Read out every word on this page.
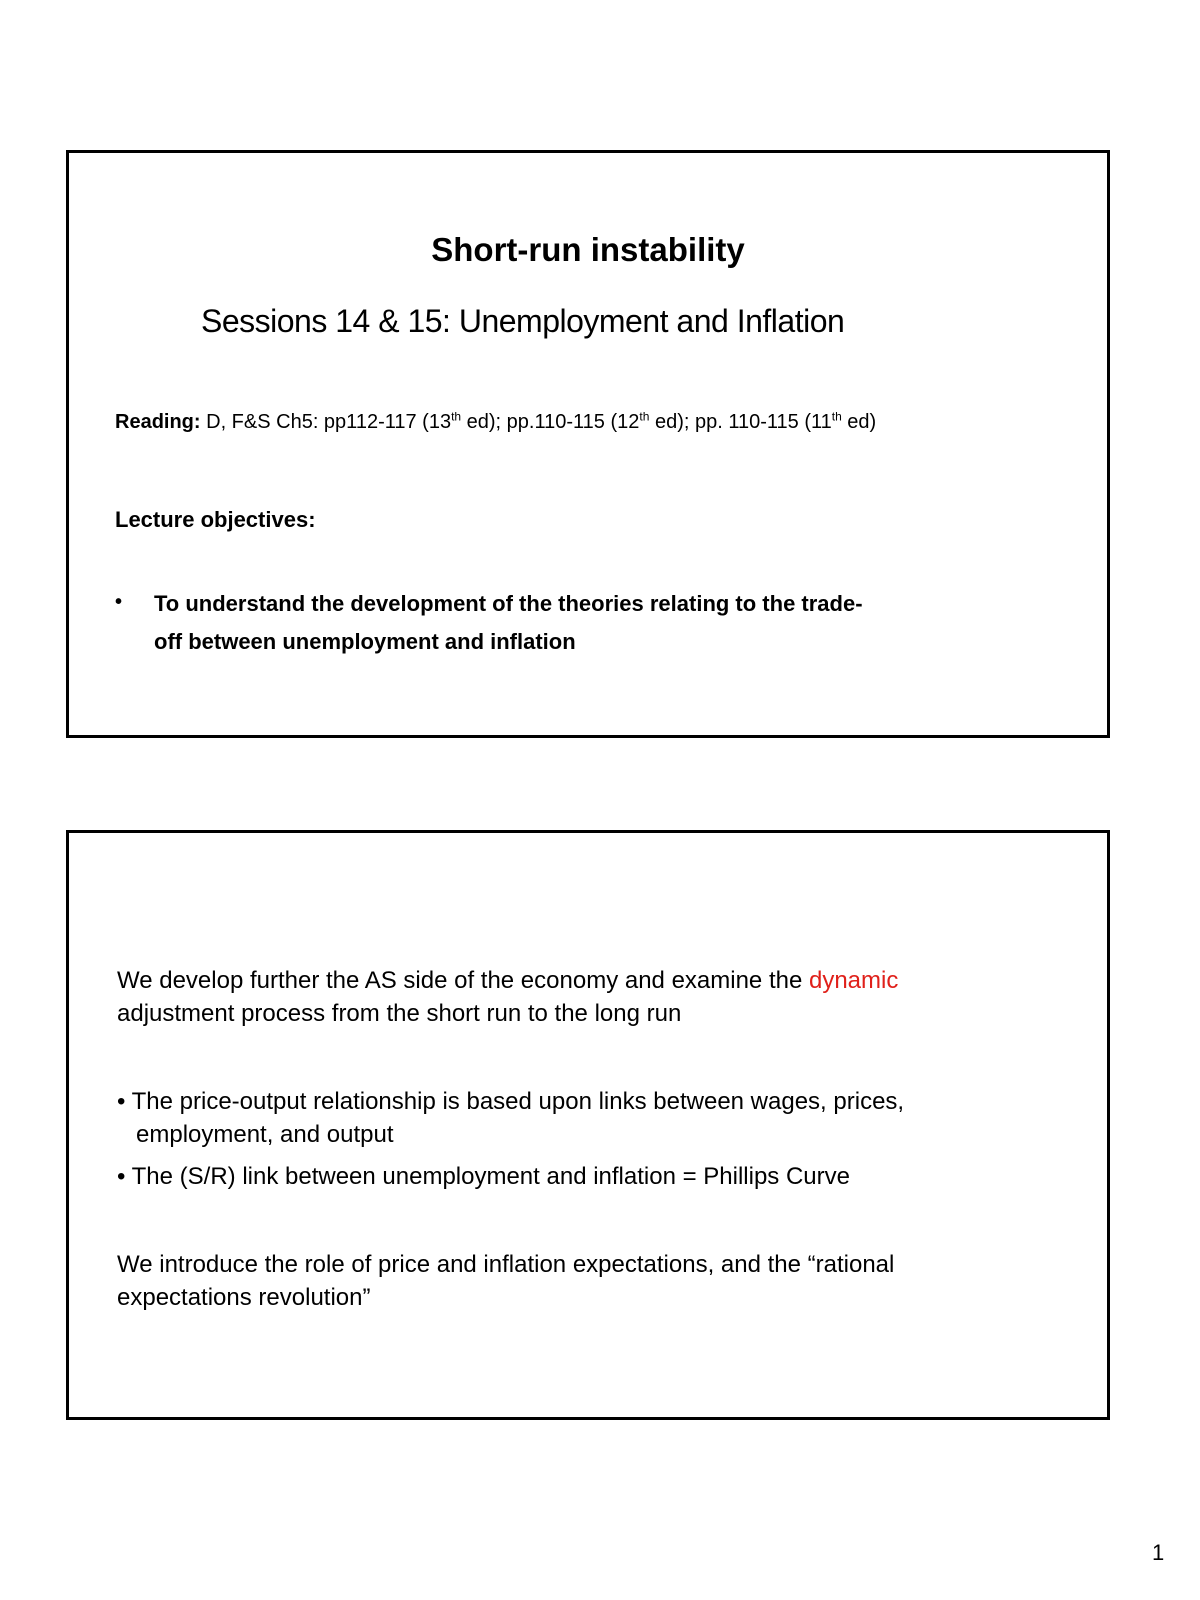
Short-run instability
Sessions 14 & 15: Unemployment and Inflation
Reading: D, F&S Ch5: pp112-117 (13th ed); pp.110-115 (12th ed); pp. 110-115 (11th ed)
Lecture objectives:
• To understand the development of the theories relating to the trade-
off between unemployment and inflation
We develop further the AS side of the economy and examine the dynamic
adjustment process from the short run to the long run
• The price-output relationship is based upon links between wages, prices,
employment, and output
• The (S/R) link between unemployment and inflation = Phillips Curve
We introduce the role of price and inflation expectations, and the “rational
expectations revolution”
1
